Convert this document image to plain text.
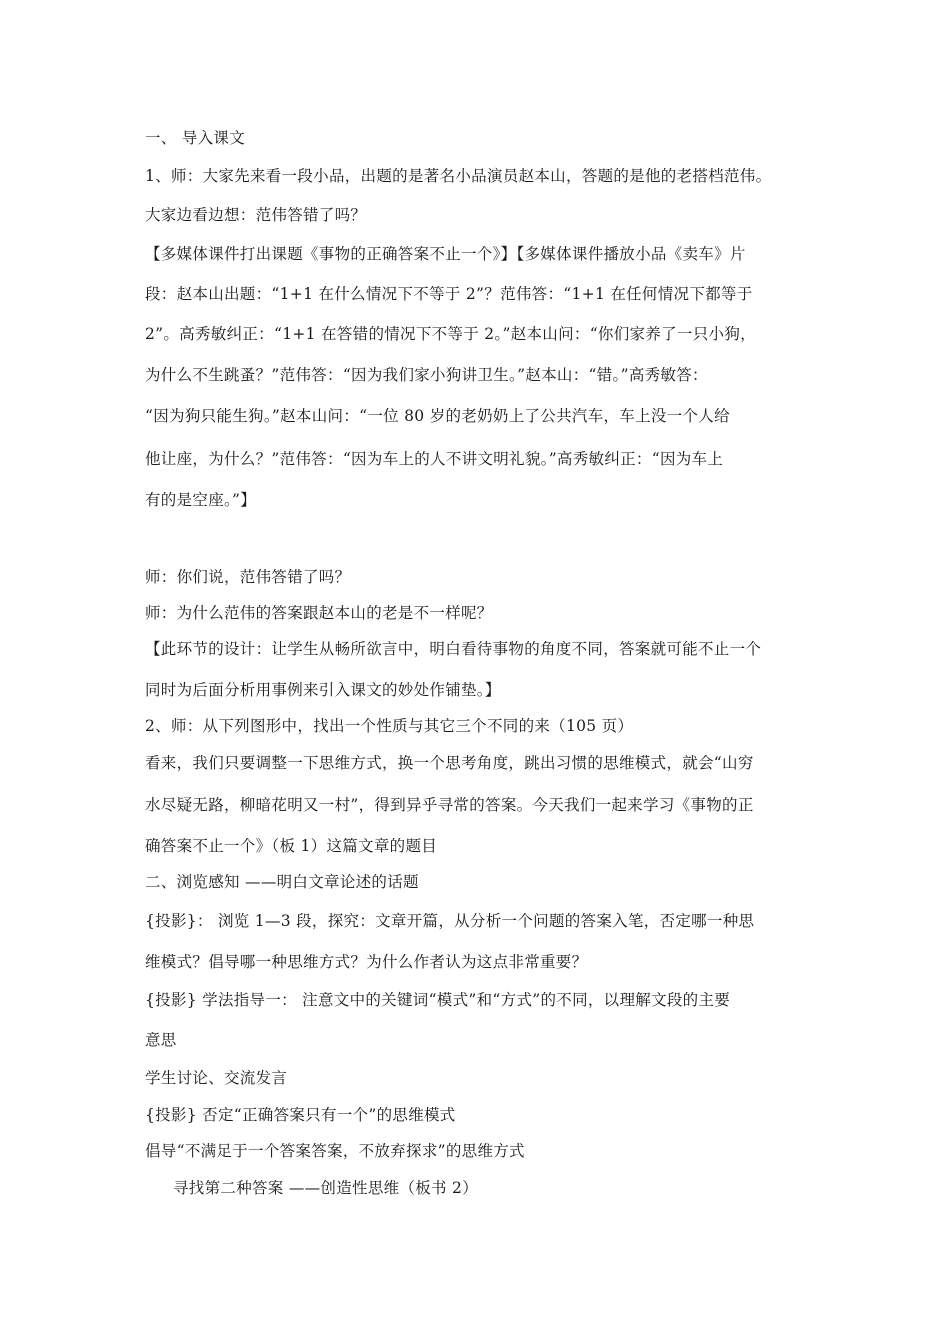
一、 导入课文
1、师：大家先来看一段小品，出题的是著名小品演员赵本山，答题的是他的老搭档范伟。
大家边看边想：范伟答错了吗？
【多媒体课件打出课题《事物的正确答案不止一个》】【多媒体课件播放小品《卖车》片
段：赵本山出题：“1+1 在什么情况下不等于 2”？范伟答：“1+1 在任何情况下都等于
2”。高秀敏纠正：“1+1 在答错的情况下不等于 2。”赵本山问：“你们家养了一只小狗，
为什么不生跳蚤？”范伟答：“因为我们家小狗讲卫生。”赵本山：“错。”高秀敏答：
“因为狗只能生狗。”赵本山问：“一位 80 岁的老奶奶上了公共汽车，车上没一个人给
他让座，为什么？”范伟答：“因为车上的人不讲文明礼貌。”高秀敏纠正：“因为车上
有的是空座。”】
师：你们说，范伟答错了吗？
师：为什么范伟的答案跟赵本山的老是不一样呢？
【此环节的设计：让学生从畅所欲言中，明白看待事物的角度不同，答案就可能不止一个
同时为后面分析用事例来引入课文的妙处作铺垫。】
2、师：从下列图形中，找出一个性质与其它三个不同的来（105 页）
看来，我们只要调整一下思维方式，换一个思考角度，跳出习惯的思维模式，就会“山穷
水尽疑无路，柳暗花明又一村”，得到异乎寻常的答案。今天我们一起来学习《事物的正
确答案不止一个》（板 1）这篇文章的题目
二、浏览感知 ——明白文章论述的话题
{投影}： 浏览 1—3 段，探究：文章开篇，从分析一个问题的答案入笔，否定哪一种思
维模式？倡导哪一种思维方式？为什么作者认为这点非常重要？
{投影} 学法指导一： 注意文中的关键词“模式”和“方式”的不同，以理解文段的主要
意思
学生讨论、交流发言
{投影} 否定“正确答案只有一个”的思维模式
倡导“不满足于一个答案答案，不放弃探求”的思维方式
寻找第二种答案 ——创造性思维（板书 2）
